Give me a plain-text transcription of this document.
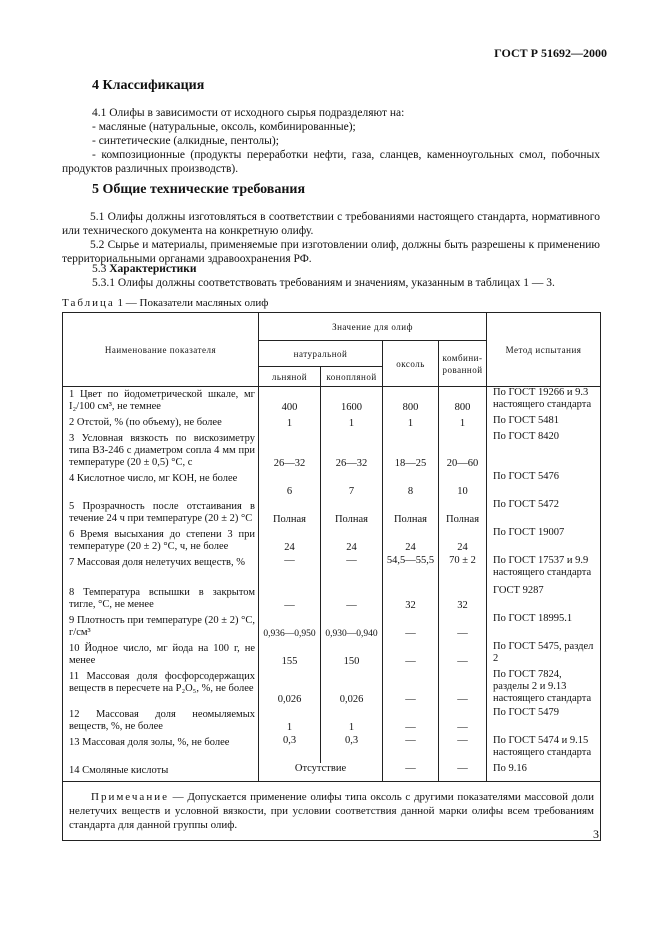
ГОСТ Р 51692—2000
4 Классификация
4.1 Олифы в зависимости от исходного сырья подразделяют на:
- масляные (натуральные, оксоль, комбинированные);
- синтетические (алкидные, пентолы);
- композиционные (продукты переработки нефти, газа, сланцев, каменноугольных смол, побочных продуктов различных производств).
5 Общие технические требования
5.1 Олифы должны изготовляться в соответствии с требованиями настоящего стандарта, нормативного или технического документа на конкретную олифу.
5.2 Сырье и материалы, применяемые при изготовлении олиф, должны быть разрешены к применению территориальными органами здравоохранения РФ.
5.3 Характеристики
5.3.1 Олифы должны соответствовать требованиям и значениям, указанным в таблицах 1 — 3.
Таблица 1 — Показатели масляных олиф
Наименование показателя	Значение для олиф				Метод испытания
	натуральной		оксоль	комбини-рованной	
	льняной	конопляной			
1 Цвет по йодометрической шкале, мг I₂/100 см³, не темнее	400	1600	800	800	По ГОСТ 19266 и 9.3 настоящего стандарта
2 Отстой, % (по объему), не более	1	1	1	1	По ГОСТ 5481
3 Условная вязкость по вискозиметру типа ВЗ-246 с диаметром сопла 4 мм при температуре (20 ± 0,5) °С, с	26—32	26—32	18—25	20—60	По ГОСТ 8420
4 Кислотное число, мг КОН, не более	6	7	8	10	По ГОСТ 5476
5 Прозрачность после отстаивания в течение 24 ч при температуре (20 ± 2) °С	Полная	Полная	Полная	Полная	По ГОСТ 5472
6 Время высыхания до степени 3 при температуре (20 ± 2) °С, ч, не более	24	24	24	24	По ГОСТ 19007
7 Массовая доля нелетучих веществ, %	—	—	54,5—55,5	70 ± 2	По ГОСТ 17537 и 9.9 настоящего стандарта
8 Температура вспышки в закрытом тигле, °С, не менее	—	—	32	32	ГОСТ 9287
9 Плотность при температуре (20 ± 2) °С, г/см³	0,936—0,950	0,930—0,940	—	—	По ГОСТ 18995.1
10 Йодное число, мг йода на 100 г, не менее	155	150	—	—	По ГОСТ 5475, раздел 2
11 Массовая доля фосфорсодержащих веществ в пересчете на P₂O₅, %, не более	0,026	0,026	—	—	По ГОСТ 7824, разделы 2 и 9.13 настоящего стандарта
12 Массовая доля неомыляемых веществ, %, не более	1	1	—	—	По ГОСТ 5479
13 Массовая доля золы, %, не более	0,3	0,3	—	—	По ГОСТ 5474 и 9.15 настоящего стандарта
14 Смоляные кислоты	Отсутствие		—	—	По 9.16
Примечание — Допускается применение олифы типа оксоль с другими показателями массовой доли нелетучих веществ и условной вязкости, при условии соответствия данной марки олифы всем требованиям стандарта для данной группы олиф.					
3
